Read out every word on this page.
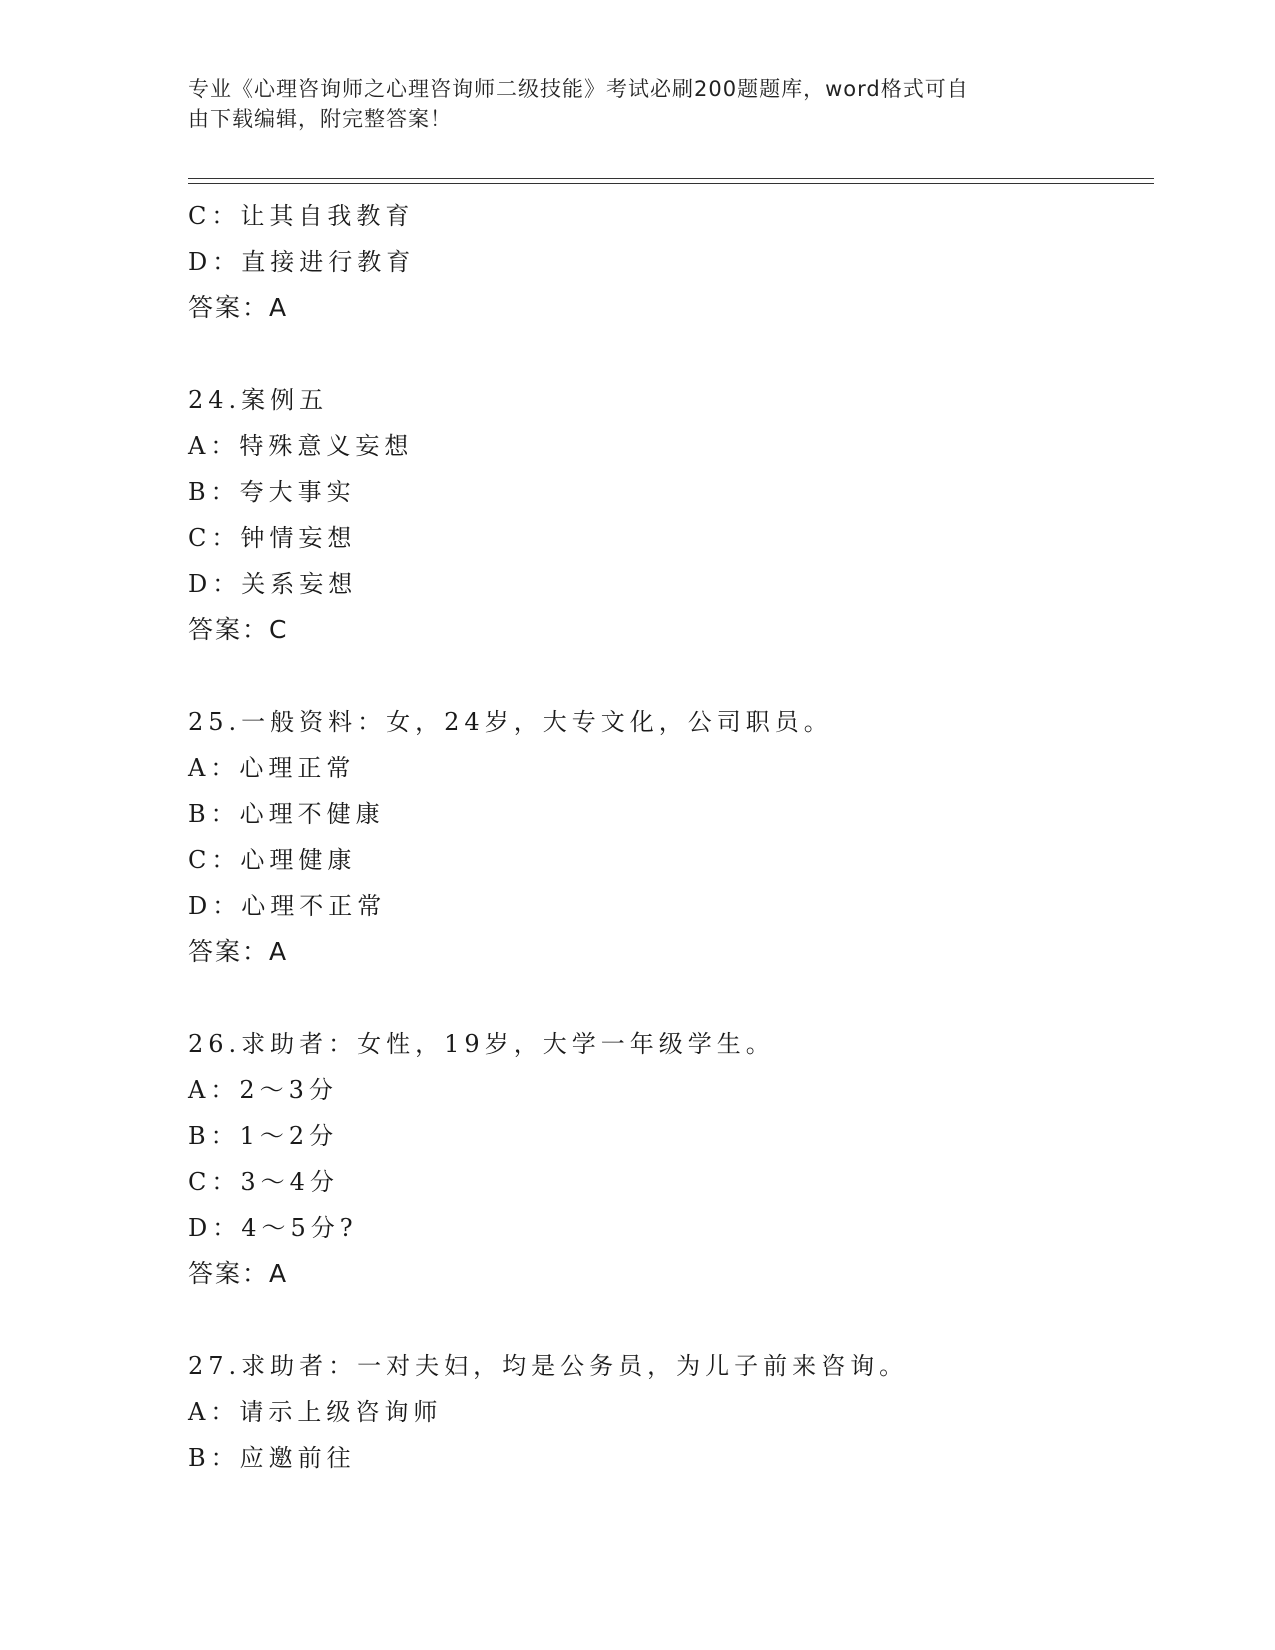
专业《心理咨询师之心理咨询师二级技能》考试必刷200题题库，word格式可自
由下载编辑，附完整答案！
C：让其自我教育
D：直接进行教育
答案：A
24.案例五
A：特殊意义妄想
B：夸大事实
C：钟情妄想
D：关系妄想
答案：C
25.一般资料：女，24岁，大专文化，公司职员。
A：心理正常
B：心理不健康
C：心理健康
D：心理不正常
答案：A
26.求助者：女性，19岁，大学一年级学生。
A：2～3分
B：1～2分
C：3～4分
D：4～5分?
答案：A
27.求助者：一对夫妇，均是公务员，为儿子前来咨询。
A：请示上级咨询师
B：应邀前往
